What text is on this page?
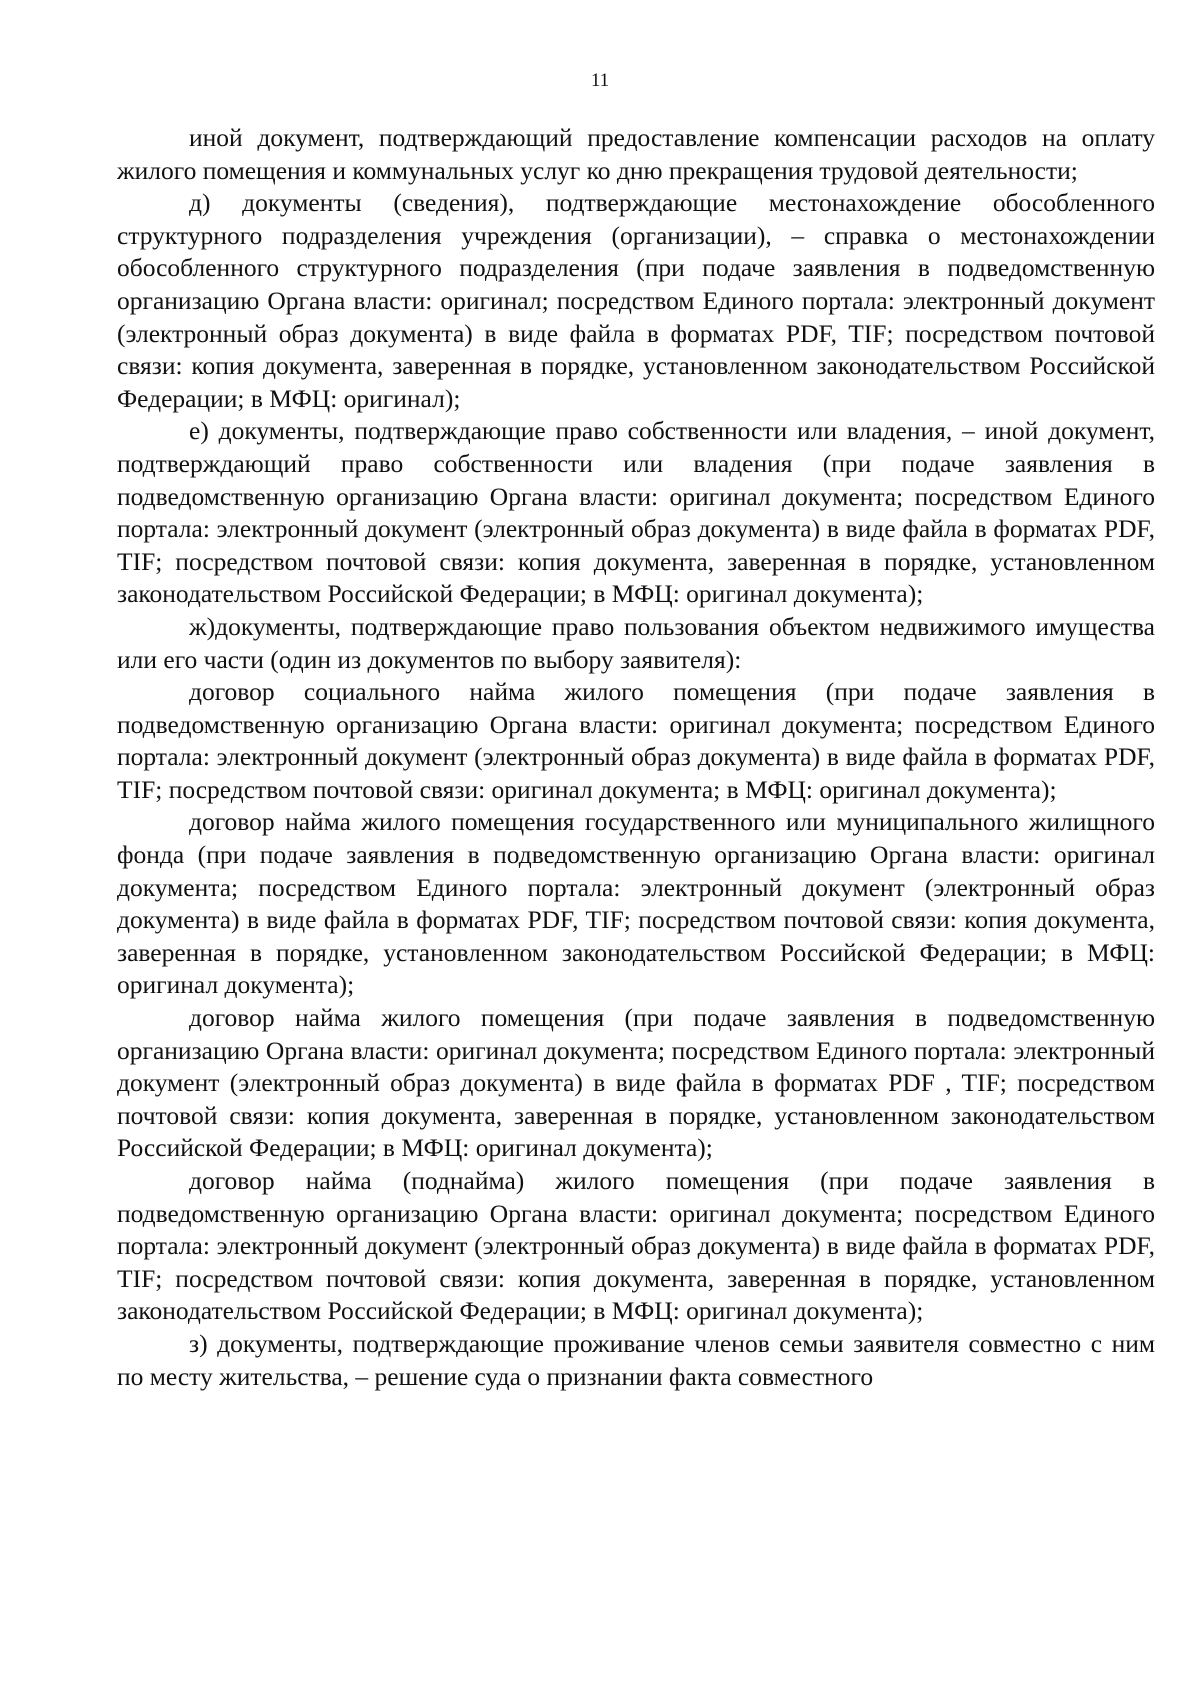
11

иной документ, подтверждающий предоставление компенсации расходов на оплату жилого помещения и коммунальных услуг ко дню прекращения трудовой деятельности;

д) документы (сведения), подтверждающие местонахождение обособленного структурного подразделения учреждения (организации), – справка о местонахождении обособленного структурного подразделения (при подаче заявления в подведомственную организацию Органа власти: оригинал; посредством Единого портала: электронный документ (электронный образ документа) в виде файла в форматах PDF, TIF; посредством почтовой связи: копия документа, заверенная в порядке, установленном законодательством Российской Федерации; в МФЦ: оригинал);

е) документы, подтверждающие право собственности или владения, – иной документ, подтверждающий право собственности или владения (при подаче заявления в подведомственную организацию Органа власти: оригинал документа; посредством Единого портала: электронный документ (электронный образ документа) в виде файла в форматах PDF, TIF; посредством почтовой связи: копия документа, заверенная в порядке, установленном законодательством Российской Федерации; в МФЦ: оригинал документа);

ж)документы, подтверждающие право пользования объектом недвижимого имущества или его части (один из документов по выбору заявителя):

договор социального найма жилого помещения (при подаче заявления в подведомственную организацию Органа власти: оригинал документа; посредством Единого портала: электронный документ (электронный образ документа) в виде файла в форматах PDF, TIF; посредством почтовой связи: оригинал документа; в МФЦ: оригинал документа);

договор найма жилого помещения государственного или муниципального жилищного фонда (при подаче заявления в подведомственную организацию Органа власти: оригинал документа; посредством Единого портала: электронный документ (электронный образ документа) в виде файла в форматах PDF, TIF; посредством почтовой связи: копия документа, заверенная в порядке, установленном законодательством Российской Федерации; в МФЦ: оригинал документа);

договор найма жилого помещения (при подаче заявления в подведомственную организацию Органа власти: оригинал документа; посредством Единого портала: электронный документ (электронный образ документа) в виде файла в форматах PDF , TIF; посредством почтовой связи: копия документа, заверенная в порядке, установленном законодательством Российской Федерации; в МФЦ: оригинал документа);

договор найма (поднайма) жилого помещения (при подаче заявления в подведомственную организацию Органа власти: оригинал документа; посредством Единого портала: электронный документ (электронный образ документа) в виде файла в форматах PDF, TIF; посредством почтовой связи: копия документа, заверенная в порядке, установленном законодательством Российской Федерации; в МФЦ: оригинал документа);

з) документы, подтверждающие проживание членов семьи заявителя совместно с ним по месту жительства, – решение суда о признании факта совместного
